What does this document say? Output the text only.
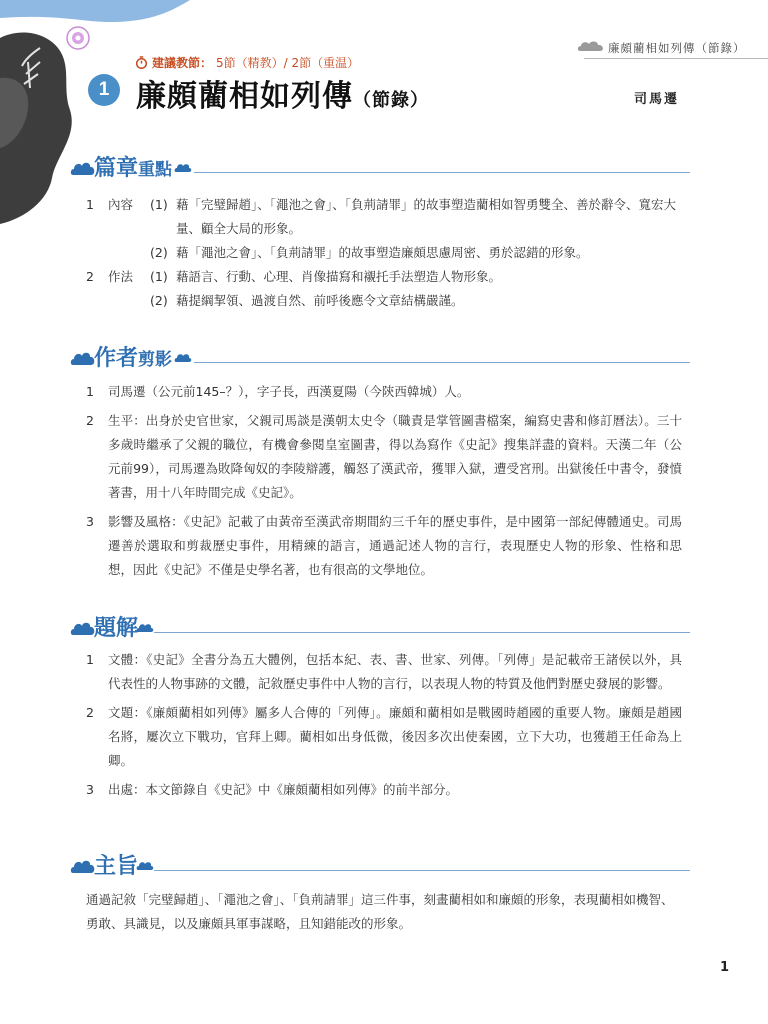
廉頗藺相如列傳（節錄）
1
建議教節： 5節（精教）/ 2節（重温）
廉頗藺相如列傳（節錄）	司馬遷
篇章重點
1	內容	(1) 藉「完璧歸趙」、「澠池之會」、「負荊請罪」的故事塑造藺相如智勇雙全、善於辭令、寬宏大量、顧全大局的形象。
(2) 藉「澠池之會」、「負荊請罪」的故事塑造廉頗思慮周密、勇於認錯的形象。
2	作法	(1) 藉語言、行動、心理、肖像描寫和襯托手法塑造人物形象。
(2) 藉提綱挈領、過渡自然、前呼後應令文章結構嚴謹。
作者剪影
1	司馬遷（公元前145–？），字子長，西漢夏陽（今陝西韓城）人。
2	生平：出身於史官世家，父親司馬談是漢朝太史令（職責是掌管圖書檔案，編寫史書和修訂曆法）。三十多歲時繼承了父親的職位，有機會參閱皇室圖書，得以為寫作《史記》搜集詳盡的資料。天漢二年（公元前99），司馬遷為敗降匈奴的李陵辯護，觸怒了漢武帝，獲罪入獄，遭受宮刑。出獄後任中書令，發憤著書，用十八年時間完成《史記》。
3	影響及風格：《史記》記載了由黃帝至漢武帝期間約三千年的歷史事件，是中國第一部紀傳體通史。司馬遷善於選取和剪裁歷史事件，用精練的語言，通過記述人物的言行，表現歷史人物的形象、性格和思想，因此《史記》不僅是史學名著，也有很高的文學地位。
題解
1	文體：《史記》全書分為五大體例，包括本紀、表、書、世家、列傳。「列傳」是記載帝王諸侯以外，具代表性的人物事跡的文體，記敘歷史事件中人物的言行，以表現人物的特質及他們對歷史發展的影響。
2	文題：《廉頗藺相如列傳》屬多人合傳的「列傳」。廉頗和藺相如是戰國時趙國的重要人物。廉頗是趙國名將，屢次立下戰功，官拜上卿。藺相如出身低微，後因多次出使秦國，立下大功，也獲趙王任命為上卿。
3	出處：本文節錄自《史記》中《廉頗藺相如列傳》的前半部分。
主旨
通過記敘「完璧歸趙」、「澠池之會」、「負荊請罪」這三件事，刻畫藺相如和廉頗的形象，表現藺相如機智、勇敢、具識見，以及廉頗具軍事謀略，且知錯能改的形象。
1
